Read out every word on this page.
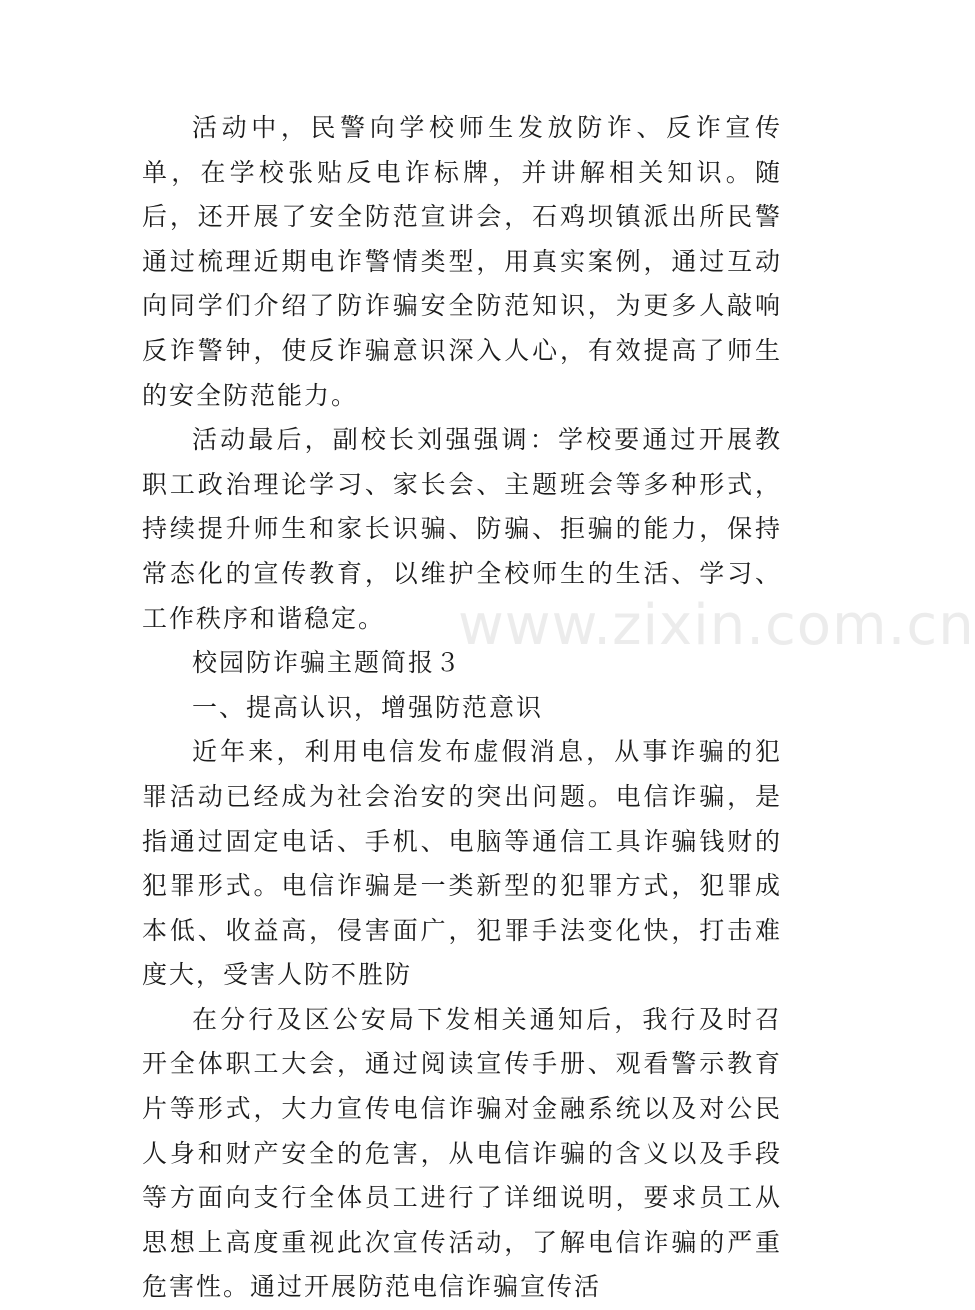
活动中，民警向学校师生发放防诈、反诈宣传单，在学校张贴反电诈标牌，并讲解相关知识。随后，还开展了安全防范宣讲会，石鸡坝镇派出所民警通过梳理近期电诈警情类型，用真实案例，通过互动向同学们介绍了防诈骗安全防范知识，为更多人敲响反诈警钟，使反诈骗意识深入人心，有效提高了师生的安全防范能力。

活动最后，副校长刘强强调：学校要通过开展教职工政治理论学习、家长会、主题班会等多种形式，持续提升师生和家长识骗、防骗、拒骗的能力，保持常态化的宣传教育，以维护全校师生的生活、学习、工作秩序和谐稳定。

校园防诈骗主题简报３

一、提高认识，增强防范意识

近年来，利用电信发布虚假消息，从事诈骗的犯罪活动已经成为社会治安的突出问题。电信诈骗，是指通过固定电话、手机、电脑等通信工具诈骗钱财的犯罪形式。电信诈骗是一类新型的犯罪方式，犯罪成本低、收益高，侵害面广，犯罪手法变化快，打击难度大，受害人防不胜防

在分行及区公安局下发相关通知后，我行及时召开全体职工大会，通过阅读宣传手册、观看警示教育片等形式，大力宣传电信诈骗对金融系统以及对公民人身和财产安全的危害，从电信诈骗的含义以及手段等方面向支行全体员工进行了详细说明，要求员工从思想上高度重视此次宣传活动，了解电信诈骗的严重危害性。通过开展防范电信诈骗宣传活

www.zixin.com.cn
